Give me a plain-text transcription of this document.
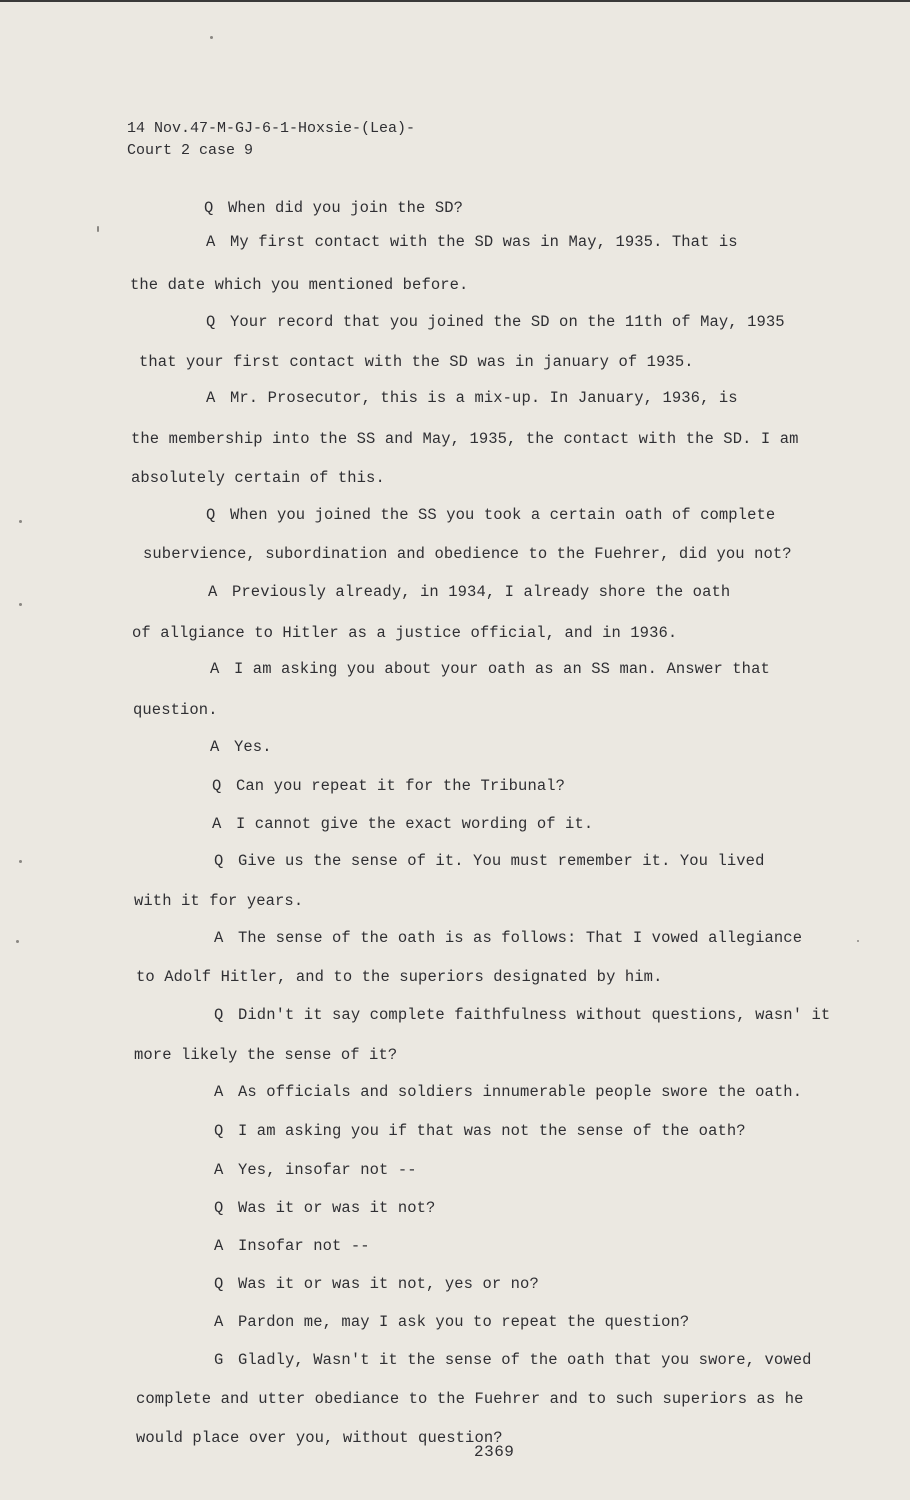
14 Nov.47-M-GJ-6-1-Hoxsie-(Lea)-
Court 2 case 9
Q When did you join the SD?
A My first contact with the SD was in May, 1935. That is
the date which you mentioned before.
Q Your record that you joined the SD on the 11th of May, 1935
that your first contact with the SD was in january of 1935.
A Mr. Prosecutor, this is a mix-up. In January, 1936, is
the membership into the SS and May, 1935, the contact with the SD. I am
absolutely certain of this.
Q When you joined the SS you took a certain oath of complete
subervience, subordination and obedience to the Fuehrer, did you not?
A Previously already, in 1934, I already shore the oath
of allgiance to Hitler as a justice official, and in 1936.
A I am asking you about your oath as an SS man. Answer that
question.
A Yes.
Q Can you repeat it for the Tribunal?
A I cannot give the exact wording of it.
Q Give us the sense of it. You must remember it. You lived
with it for years.
A The sense of the oath is as follows: That I vowed allegiance
to Adolf Hitler, and to the superiors designated by him.
Q Didn't it say complete faithfulness without questions, wasn' it
more likely the sense of it?
A As officials and soldiers innumerable people swore the oath.
Q I am asking you if that was not the sense of the oath?
A Yes, insofar not --
Q Was it or was it not?
A Insofar not --
Q Was it or was it not, yes or no?
A Pardon me, may I ask you to repeat the question?
G Gladly, Wasn't it the sense of the oath that you swore, vowed
complete and utter obediance to the Fuehrer and to such superiors as he
would place over you, without question?
2369
